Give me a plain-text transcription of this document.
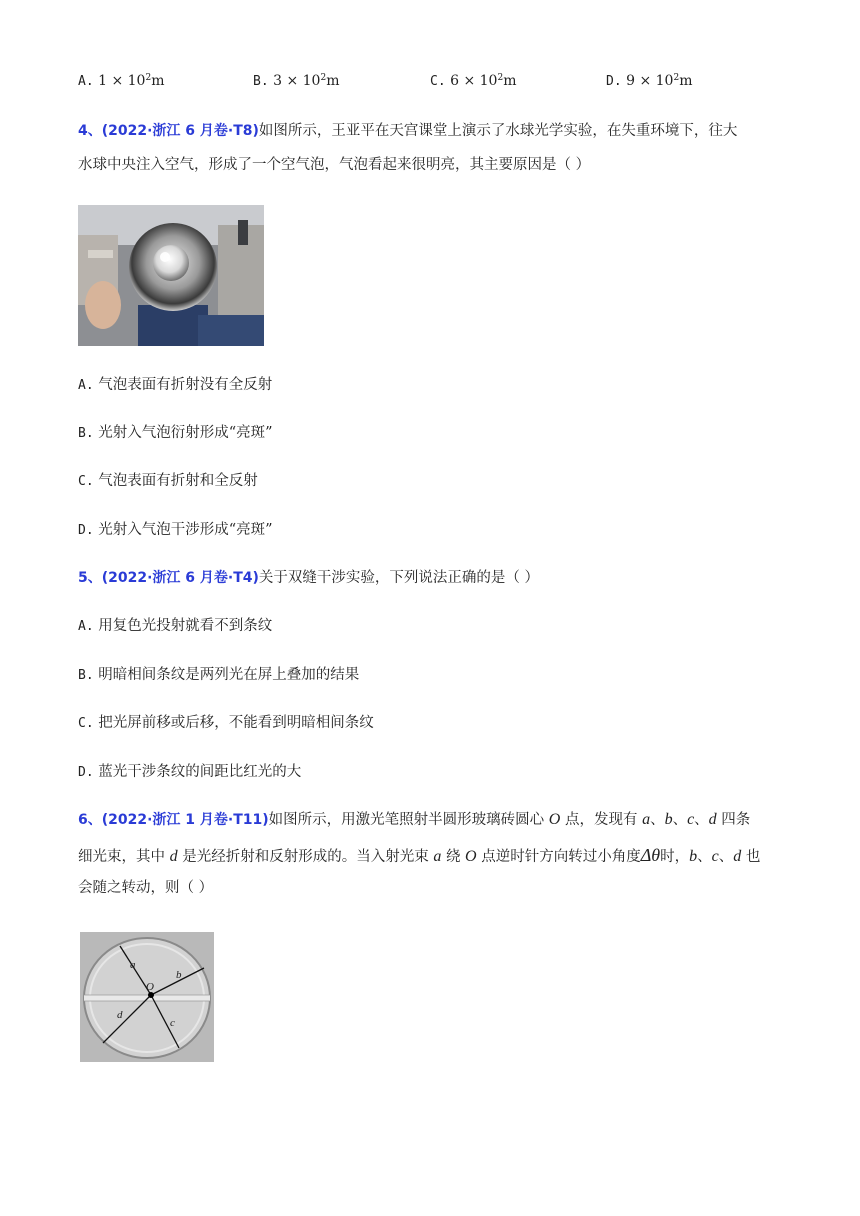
A. $1 \times 10^2m$	B. $3 \times 10^2m$	C. $6 \times 10^2m$	D. $9 \times 10^2m$
4、(2022·浙江 6 月卷·T8)如图所示，王亚平在天宫课堂上演示了水球光学实验，在失重环境下，往大
水球中央注入空气，形成了一个空气泡，气泡看起来很明亮，其主要原因是（ ）
A. 气泡表面有折射没有全反射
B. 光射入气泡衍射形成“亮斑”
C. 气泡表面有折射和全反射
D. 光射入气泡干涉形成“亮斑”
5、(2022·浙江 6 月卷·T4)关于双缝干涉实验，下列说法正确的是（ ）
A. 用复色光投射就看不到条纹
B. 明暗相间条纹是两列光在屏上叠加的结果
C. 把光屏前移或后移，不能看到明暗相间条纹
D. 蓝光干涉条纹的间距比红光的大
6、(2022·浙江 1 月卷·T11)如图所示，用激光笔照射半圆形玻璃砖圆心 O 点，发现有 a、b、c、d 四条
细光束，其中 d 是光经折射和反射形成的。当入射光束 a 绕 O 点逆时针方向转过小角度Δθ时，b、c、d 也
会随之转动，则（ ）
a
b
O
d
c
